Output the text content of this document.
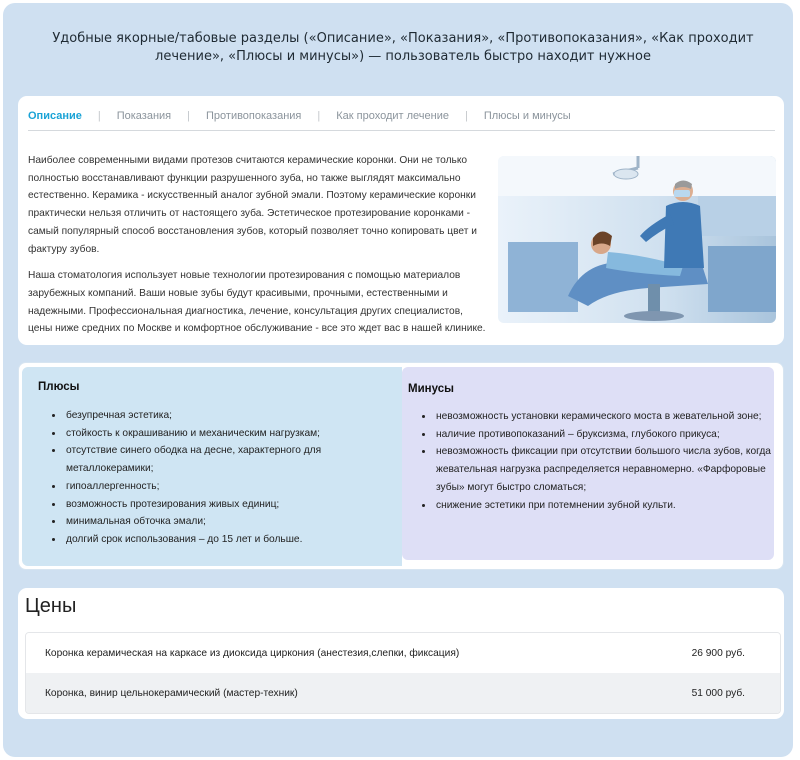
Удобные якорные/табовые разделы («Описание», «Показания», «Противопоказания», «Как проходит лечение», «Плюсы и минусы») — пользователь быстро находит нужное
Описание | Показания | Противопоказания | Как проходит лечение | Плюсы и минусы

Наиболее современными видами протезов считаются керамические коронки. Они не только полностью восстанавливают функции разрушенного зуба, но также выглядят максимально естественно. Керамика - искусственный аналог зубной эмали. Поэтому керамические коронки практически нельзя отличить от настоящего зуба. Эстетическое протезирование коронками - самый популярный способ восстановления зубов, который позволяет точно копировать цвет и фактуру зубов.

Наша стоматология использует новые технологии протезирования с помощью материалов зарубежных компаний. Ваши новые зубы будут красивыми, прочными, естественными и надежными. Профессиональная диагностика, лечение, консультация других специалистов, цены ниже средних по Москве и комфортное обслуживание - все это ждет вас в нашей клинике.

Плюсы
• безупречная эстетика;
• стойкость к окрашиванию и механическим нагрузкам;
• отсутствие синего ободка на десне, характерного для металлокерамики;
• гипоаллергенность;
• возможность протезирования живых единиц;
• минимальная обточка эмали;
• долгий срок использования – до 15 лет и больше.
Минусы
• невозможность установки керамического моста в жевательной зоне;
• наличие противопоказаний – бруксизма, глубокого прикуса;
• невозможность фиксации при отсутствии большого числа зубов, когда жевательная нагрузка распределяется неравномерно. «Фарфоровые зубы» могут быстро сломаться;
• снижение эстетики при потемнении зубной культи.
Цены
Коронка керамическая на каркасе из диоксида циркония (анестезия,слепки, фиксация)	26 900 руб.
Коронка, винир цельнокерамический (мастер-техник)	51 000 руб.
